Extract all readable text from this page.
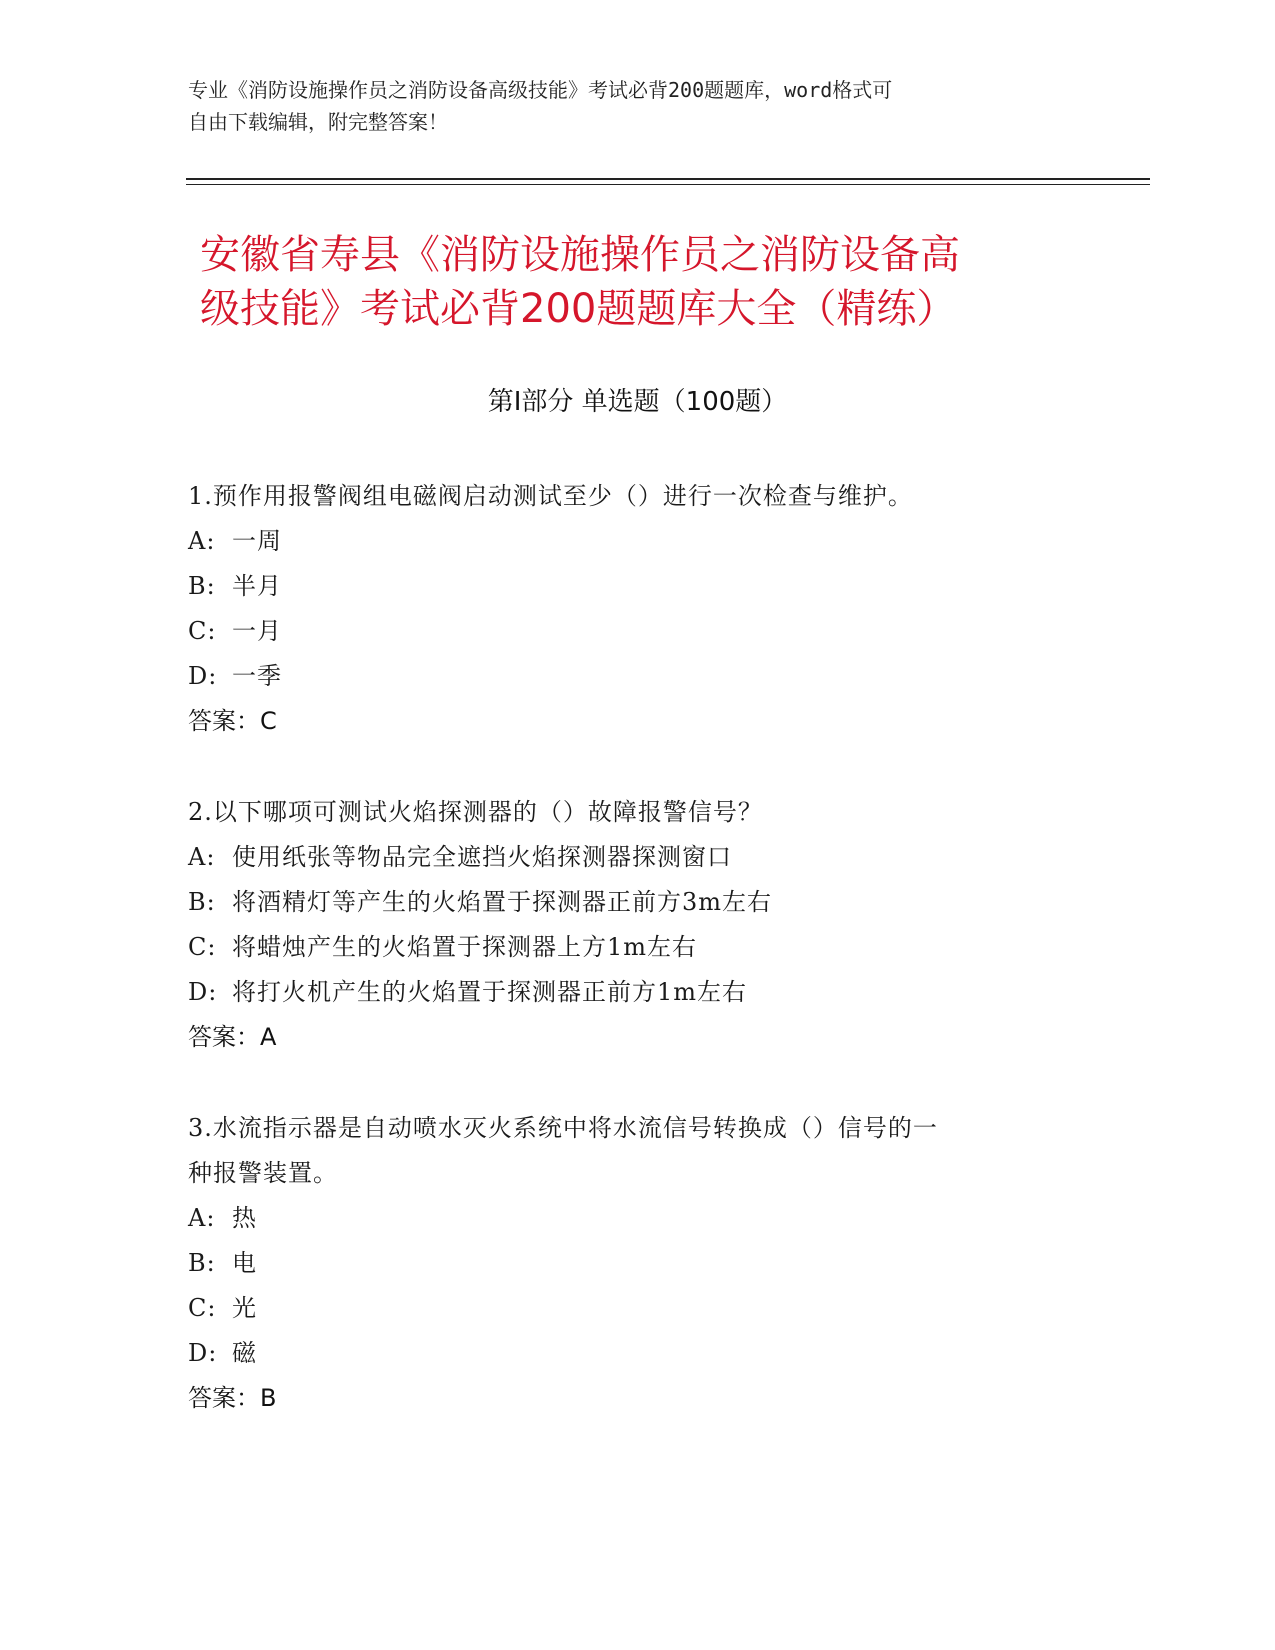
专业《消防设施操作员之消防设备高级技能》考试必背200题题库，word格式可
自由下载编辑，附完整答案！
安徽省寿县《消防设施操作员之消防设备高
级技能》考试必背200题题库大全（精练）
第Ⅰ部分 单选题（100题）
1.预作用报警阀组电磁阀启动测试至少（）进行一次检查与维护。
A: 一周
B: 半月
C: 一月
D: 一季
答案：C
2.以下哪项可测试火焰探测器的（）故障报警信号？
A: 使用纸张等物品完全遮挡火焰探测器探测窗口
B: 将酒精灯等产生的火焰置于探测器正前方3m左右
C: 将蜡烛产生的火焰置于探测器上方1m左右
D: 将打火机产生的火焰置于探测器正前方1m左右
答案：A
3.水流指示器是自动喷水灭火系统中将水流信号转换成（）信号的一
种报警装置。
A: 热
B: 电
C: 光
D: 磁
答案：B
